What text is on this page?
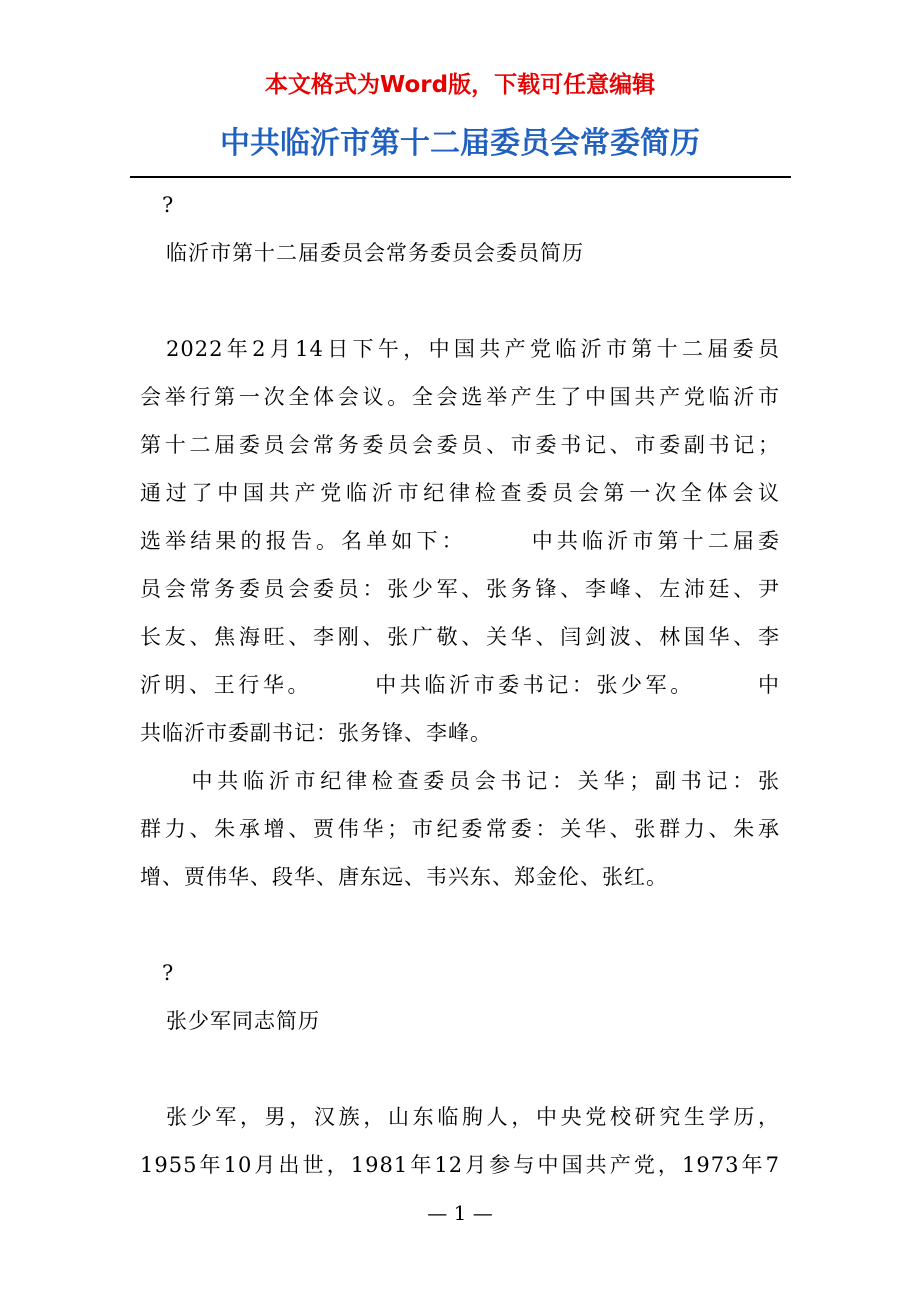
本文格式为Word版，下载可任意编辑
中共临沂市第十二届委员会常委简历
?
临沂市第十二届委员会常务委员会委员简历
2022年2月14日下午，中国共产党临沂市第十二届委员
会举行第一次全体会议。全会选举产生了中国共产党临沂市
第十二届委员会常务委员会委员、市委书记、市委副书记；
通过了中国共产党临沂市纪律检查委员会第一次全体会议
选举结果的报告。名单如下：　　　中共临沂市第十二届委
员会常务委员会委员：张少军、张务锋、李峰、左沛廷、尹
长友、焦海旺、李刚、张广敬、关华、闫剑波、林国华、李
沂明、王行华。　　　中共临沂市委书记：张少军。　　　中
共临沂市委副书记：张务锋、李峰。
　　中共临沂市纪律检查委员会书记：关华；副书记：张
群力、朱承增、贾伟华；市纪委常委：关华、张群力、朱承
增、贾伟华、段华、唐东远、韦兴东、郑金伦、张红。
?
张少军同志简历
张少军，男，汉族，山东临朐人，中央党校研究生学历，
1955年10月出世，1981年12月参与中国共产党，1973年7
— 1 —
